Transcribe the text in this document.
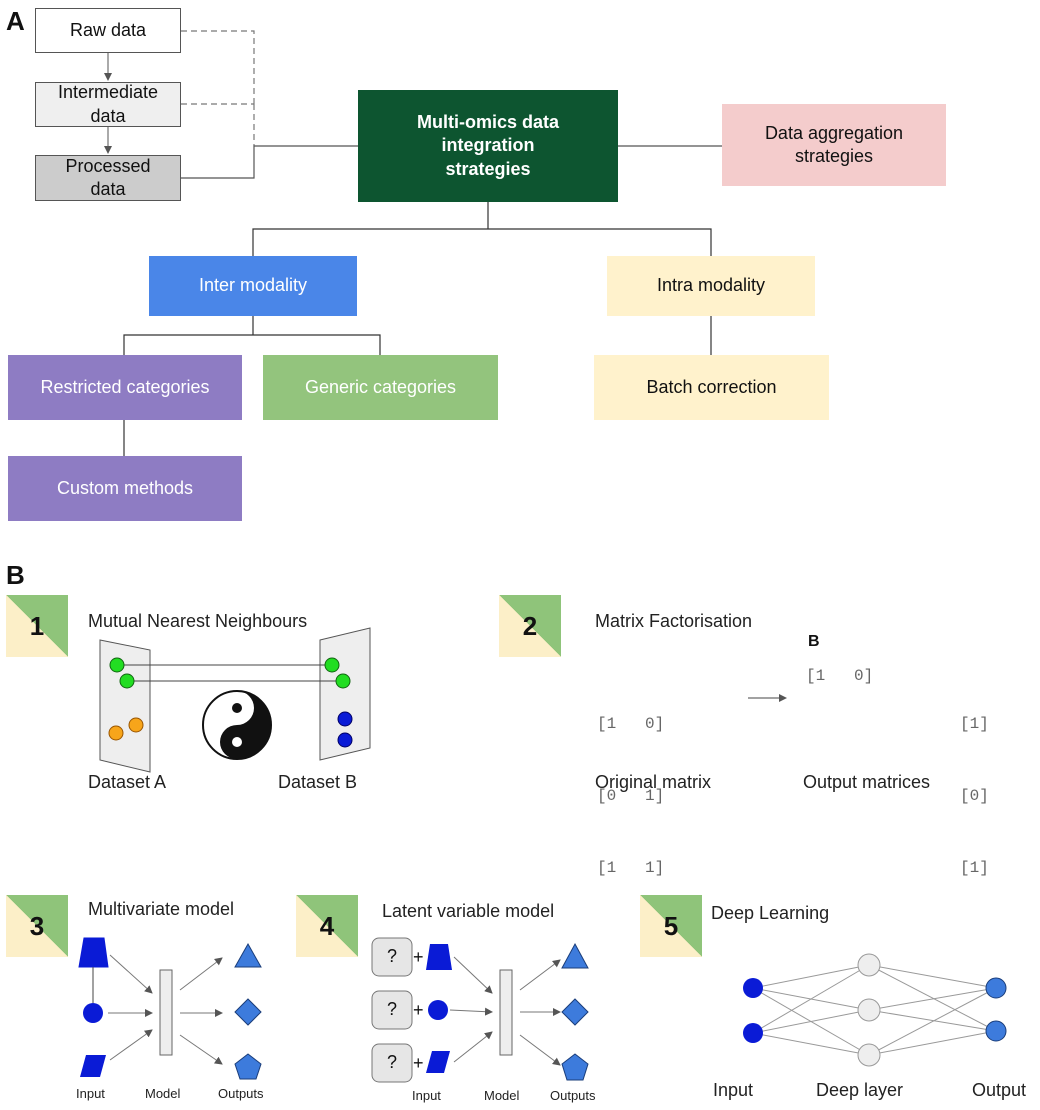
A	Raw data
Intermediate data
Processed data
Multi-omics data integration strategies
Data aggregation strategies
Inter modality	Intra modality
Restricted categories	Generic categories	Batch correction
Custom methods
B
1	Mutual Nearest Neighbours
Dataset A	Dataset B
2	Matrix Factorisation
B

[1   0]

[0   1]

[1   1]

[1   0]

[1]

[0]

[1]

Original matrix	Output matrices
3
Multivariate model
Input	Model	Outputs
4	Latent variable model
?
?
?
+
+
+
Input	Model Outputs
5	Deep Learning
Input	Deep layer	Output
